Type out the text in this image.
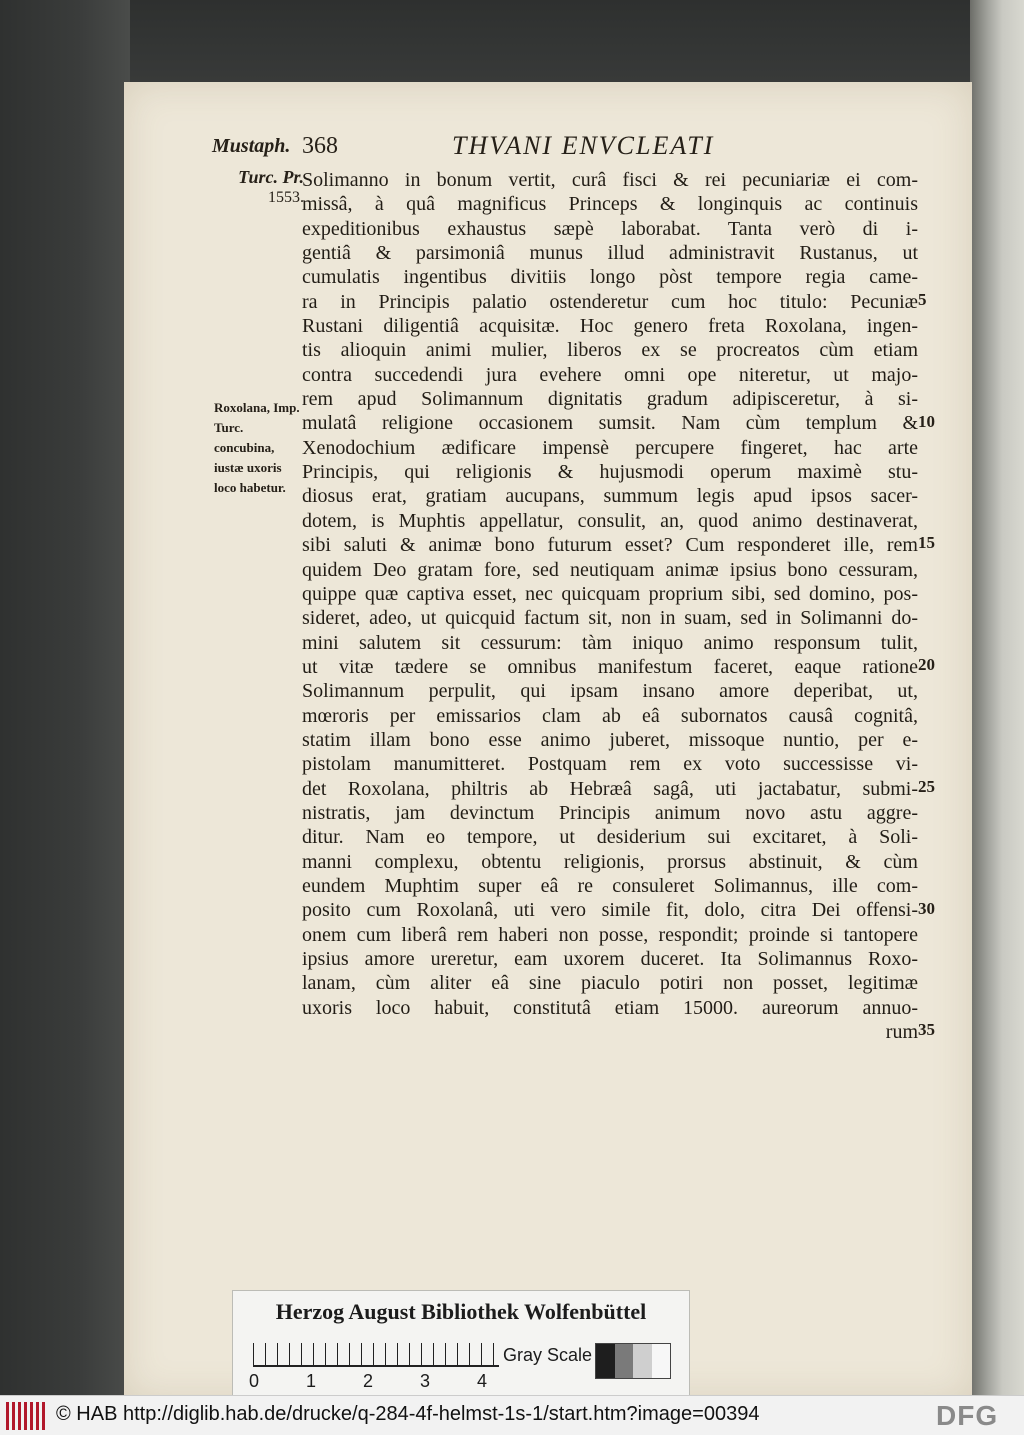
Mustaph. 368	THVANI ENVCLEATI
Turc. Pr.
1553.
Roxolana, Imp. Turc. concubina, iustæ uxoris loco habetur.
Solimanno in bonum vertit, curâ fisci & rei pecuniariæ ei com-
missâ, à quâ magnificus Princeps & longinquis ac continuis
expeditionibus exhaustus sæpè laborabat. Tanta verò di i-
gentiâ & parsimoniâ munus illud administravit Rustanus, ut
cumulatis ingentibus divitiis longo pòst tempore regia came-
ra in Principis palatio ostenderetur cum hoc titulo: Pecuniæ
Rustani diligentiâ acquisitæ. Hoc genero freta Roxolana, ingen-
tis alioquin animi mulier, liberos ex se procreatos cùm etiam
contra succedendi jura evehere omni ope niteretur, ut majo-
rem apud Solimannum dignitatis gradum adipisceretur, à si-
mulatâ religione occasionem sumsit. Nam cùm templum &
Xenodochium ædificare impensè percupere fingeret, hac arte
Principis, qui religionis & hujusmodi operum maximè stu-
diosus erat, gratiam aucupans, summum legis apud ipsos sacer-
dotem, is Muphtis appellatur, consulit, an, quod animo destinaverat,
sibi saluti & animæ bono futurum esset? Cum responderet ille, rem
quidem Deo gratam fore, sed neutiquam animæ ipsius bono cessuram,
quippe quæ captiva esset, nec quicquam proprium sibi, sed domino, pos-
sideret, adeo, ut quicquid factum sit, non in suam, sed in Solimanni do-
mini salutem sit cessurum: tàm iniquo animo responsum tulit,
ut vitæ tædere se omnibus manifestum faceret, eaque ratione
Solimannum perpulit, qui ipsam insano amore deperibat, ut,
mœroris per emissarios clam ab eâ subornatos causâ cognitâ,
statim illam bono esse animo juberet, missoque nuntio, per e-
pistolam manumitteret. Postquam rem ex voto successisse vi-
det Roxolana, philtris ab Hebræâ sagâ, uti jactabatur, submi-
nistratis, jam devinctum Principis animum novo astu aggre-
ditur. Nam eo tempore, ut desiderium sui excitaret, à Soli-
manni complexu, obtentu religionis, prorsus abstinuit, & cùm
eundem Muphtim super eâ re consuleret Solimannus, ille com-
posito cum Roxolanâ, uti vero simile fit, dolo, citra Dei offensi-
onem cum liberâ rem haberi non posse, respondit; proinde si tantopere
ipsius amore ureretur, eam uxorem duceret. Ita Solimannus Roxo-
lanam, cùm aliter eâ sine piaculo potiri non posset, legitimæ
uxoris loco habuit, constitutâ etiam 15000. aureorum annuo-
rum
5
10
15
20
25
30
35
Herzog August Bibliothek Wolfenbüttel
0	1	2	3	4
Gray Scale
© HAB http://diglib.hab.de/drucke/q-284-4f-helmst-1s-1/start.htm?image=00394	DFG
